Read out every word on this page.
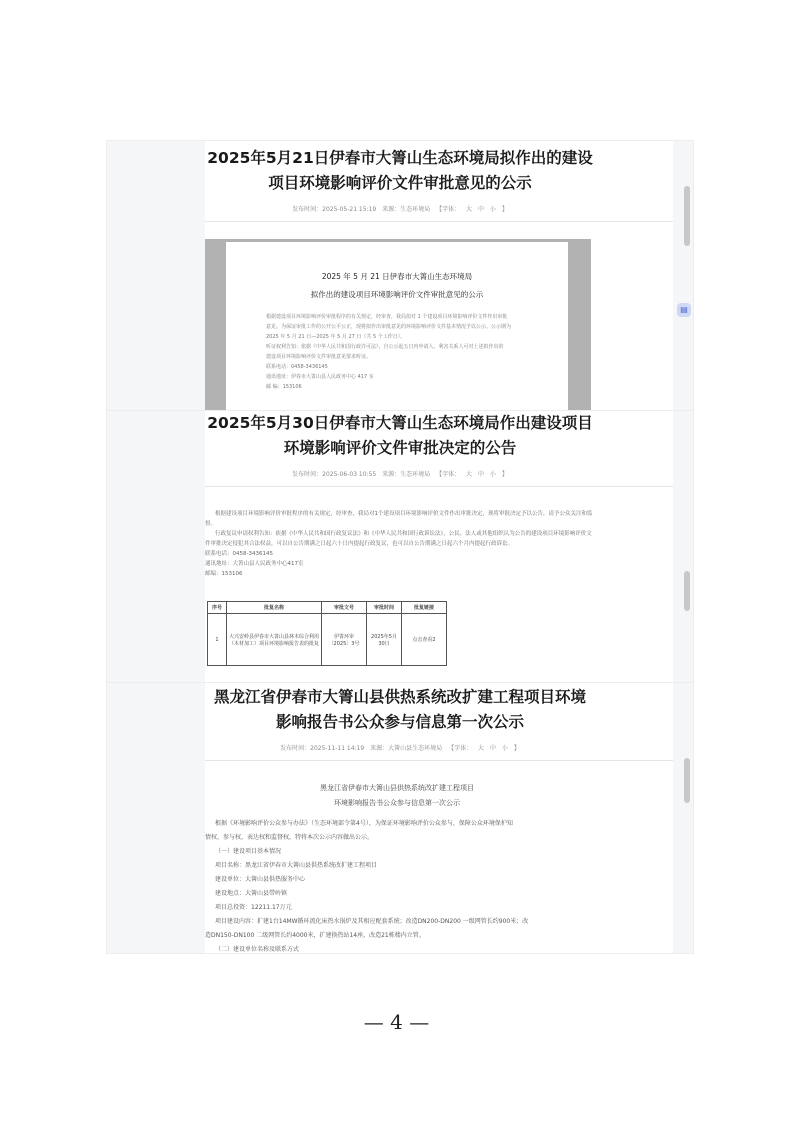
▤

2025年5月21日伊春市大箐山生态环境局拟作出的建设
项目环境影响评价文件审批意见的公示

发布时间：2025-05-21 15:19 来源：生态环境局 【字体： 大 中 小 】
2025 年 5 月 21 日伊春市大箐山生态环境局
拟作出的建设项目环境影响评价文件审批意见的公示

根据建设项目环境影响评价审批程序的有关规定，经审查，我局拟对 1 个建设项目环境影响评价文件作出审批

意见。为保证审批工作的公开公平公正，现将拟作出审批意见的环境影响评价文件基本情况予以公示。公示期为

2025 年 5 月 21 日—2025 年 5 月 27 日（共 5 个工作日）。

听证权利告知：依据《中华人民共和国行政许可法》，自公示起五日内申请人、利害关系人可对上述拟作出的

建设项目环境影响评价文件审批意见要求听证。

联系电话：0458-3436145

通讯地址：伊春市大箐山县人民政务中心 417 室

邮 编：153106

2025年5月30日伊春市大箐山生态环境局作出建设项目
环境影响评价文件审批决定的公告

发布时间：2025-06-03 10:55 来源：生态环境局 【字体： 大 中 小 】

根据建设项目环境影响评价审批程序的有关规定，经审查，我局对1个建设项目环境影响评价文件作出审批决定，现将审批决定予以公告，请予公众关注和监督。

行政复议申请权利告知：依据《中华人民共和国行政复议法》和《中华人民共和国行政诉讼法》，公民、法人或其他组织认为公告的建设项目环境影响评价文件审批决定侵犯其合法权益，可以自公告期满之日起六十日内提起行政复议，也可以自公告期满之日起六个月内提起行政诉讼。

联系电话：0458-3436145

通讯地址：大箐山县人民政务中心417室

邮编：153106

序号	批复名称	审批文号	审批时间	批复链接
1	大兴安岭县伊春市大箐山县林木综合利用（木材加工）项目环境影响报告表的批复	伊箐环审〔2025〕3号	2025年5月30日	点击查看2

黑龙江省伊春市大箐山县供热系统改扩建工程项目环境
影响报告书公众参与信息第一次公示

发布时间：2025-11-11 14:19 来源：大箐山县生态环境局 【字体： 大 中 小 】
黑龙江省伊春市大箐山县供热系统改扩建工程项目
环境影响报告书公众参与信息第一次公示

根据《环境影响评价公众参与办法》（生态环境部令第4号），为保证环境影响评价公众参与，保障公众环境保护知

情权、参与权、表达权和监督权，特将本次公示内容做出公示。

（一）建设项目基本情况

项目名称：黑龙江省伊春市大箐山县供热系统改扩建工程项目

建设单位：大箐山县供热服务中心

建设地点：大箐山县带岭镇

项目总投资：12211.17万元

项目建设内容：扩建1台14MW循环流化床热水锅炉及其相应配套系统；改造DN200-DN200 一级网管长约900米；改

造DN150-DN100 二级网管长约4000米，扩建换热站14座，改造21栋楼内立管。

（二）建设单位名称及联系方式

— 4 —
